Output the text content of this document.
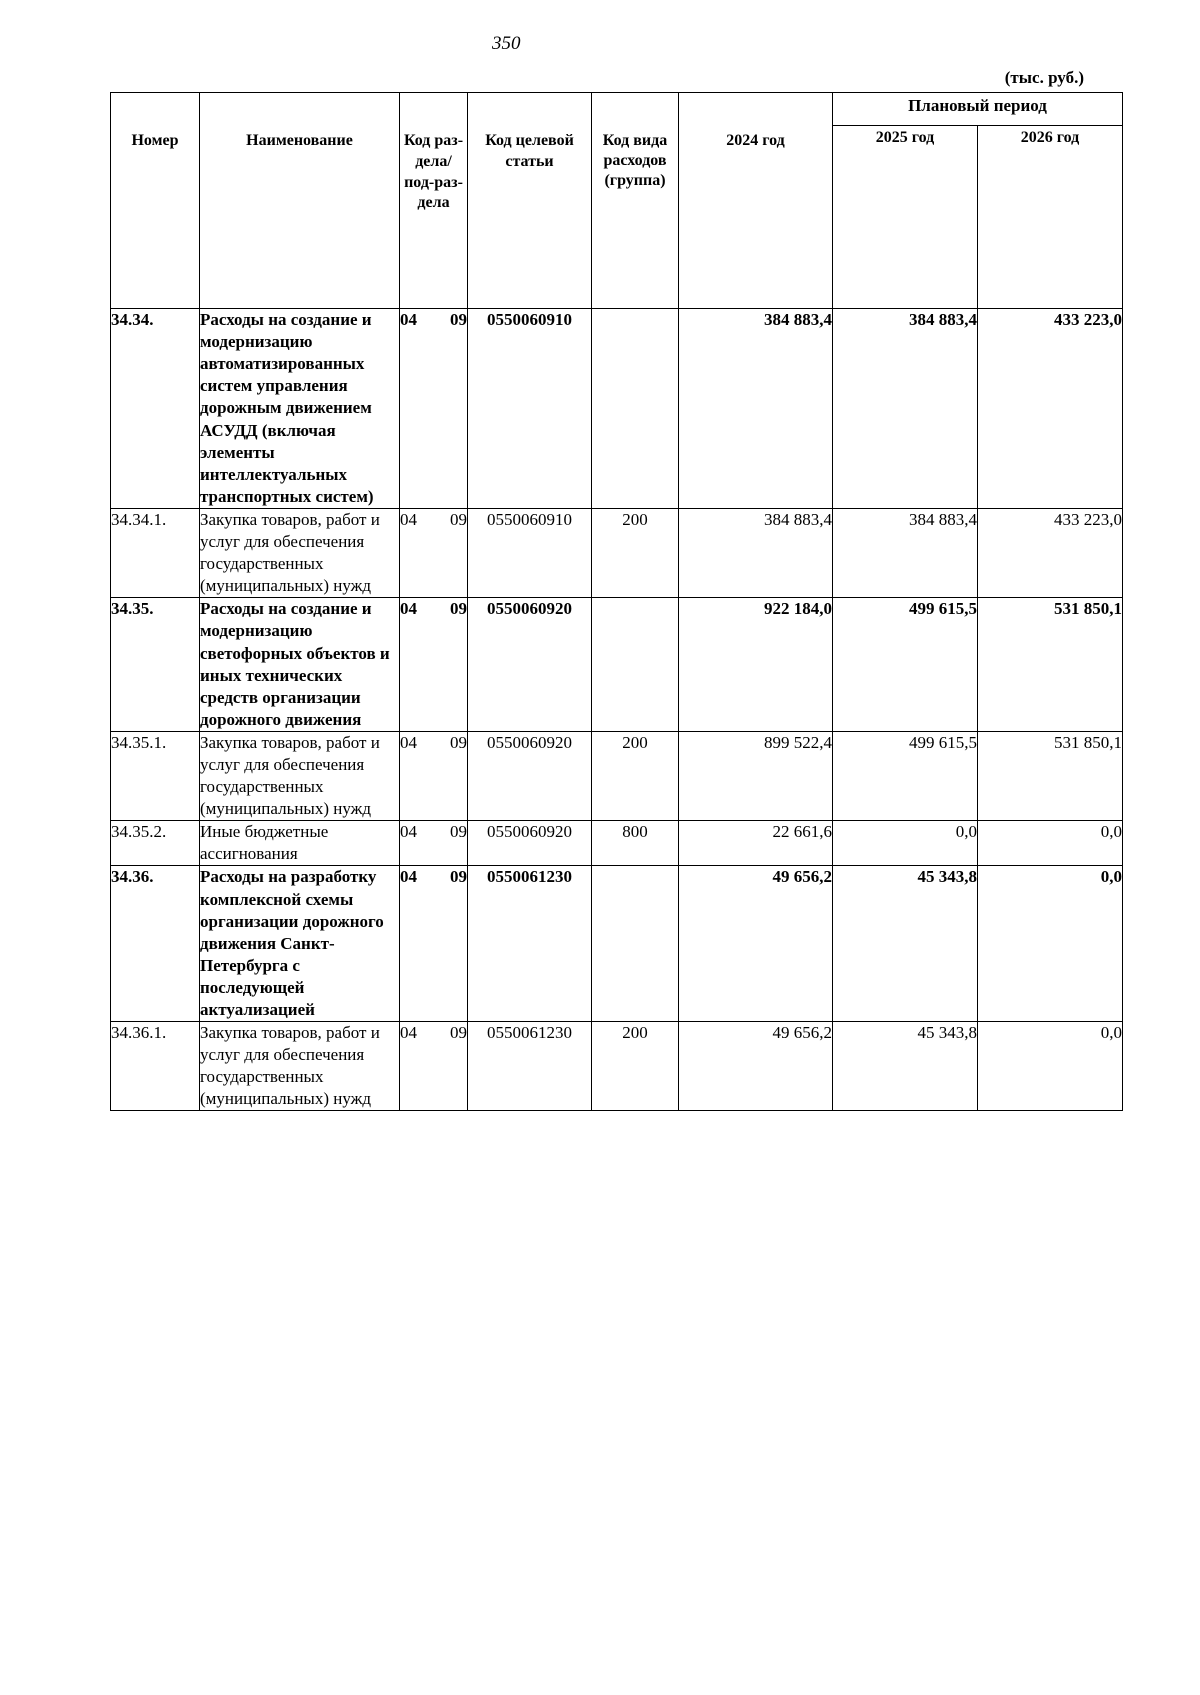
350
(тыс. руб.)
Номер	Наименование	Код раз-дела/ под-раз-дела	Код целевой статьи	Код вида расходов (группа)	2024 год	Плановый период	
						2025 год	2026 год
34.34.	Расходы на создание и модернизацию автоматизированных систем управления дорожным движением АСУДД (включая элементы интеллектуальных транспортных систем)	04 09	0550060910		384 883,4	384 883,4	433 223,0
34.34.1.	Закупка товаров, работ и услуг для обеспечения государственных (муниципальных) нужд	04 09	0550060910	200	384 883,4	384 883,4	433 223,0
34.35.	Расходы на создание и модернизацию светофорных объектов и иных технических средств организации дорожного движения	04 09	0550060920		922 184,0	499 615,5	531 850,1
34.35.1.	Закупка товаров, работ и услуг для обеспечения государственных (муниципальных) нужд	04 09	0550060920	200	899 522,4	499 615,5	531 850,1
34.35.2.	Иные бюджетные ассигнования	04 09	0550060920	800	22 661,6	0,0	0,0
34.36.	Расходы на разработку комплексной схемы организации дорожного движения Санкт-Петербурга с последующей актуализацией	04 09	0550061230		49 656,2	45 343,8	0,0
34.36.1.	Закупка товаров, работ и услуг для обеспечения государственных (муниципальных) нужд	04 09	0550061230	200	49 656,2	45 343,8	0,0
